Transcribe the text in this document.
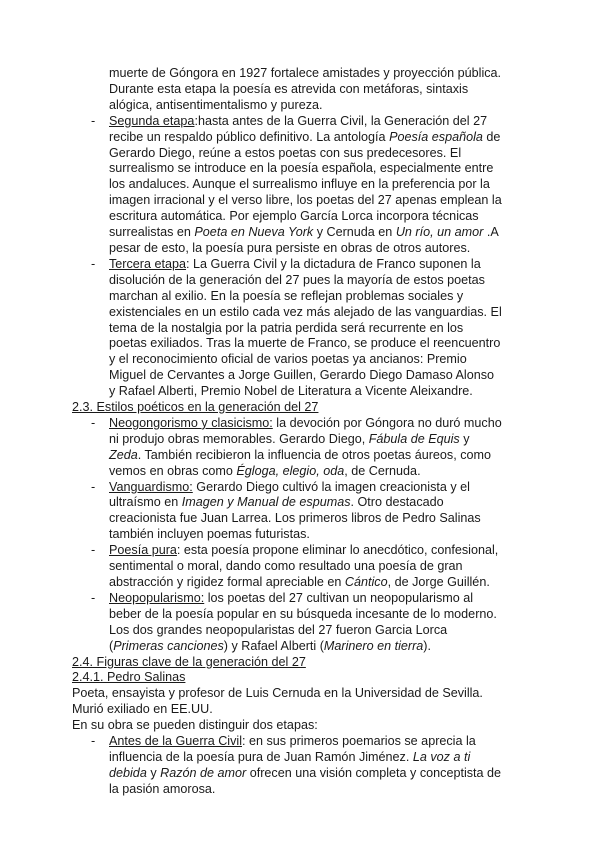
muerte de Góngora en 1927 fortalece amistades y proyección pública. Durante esta etapa la poesía es atrevida con metáforas, sintaxis alógica, antisentimentalismo y pureza.
- Segunda etapa:hasta antes de la Guerra Civil, la Generación del 27 recibe un respaldo público definitivo. La antología Poesía española de Gerardo Diego, reúne a estos poetas con sus predecesores. El surrealismo se introduce en la poesía española, especialmente entre los andaluces. Aunque el surrealismo influye en la preferencia por la imagen irracional y el verso libre, los poetas del 27 apenas emplean la escritura automática. Por ejemplo García Lorca incorpora técnicas surrealistas en Poeta en Nueva York y Cernuda en Un río, un amor .A pesar de esto, la poesía pura persiste en obras de otros autores.
- Tercera etapa: La Guerra Civil y la dictadura de Franco suponen la disolución de la generación del 27 pues la mayoría de estos poetas marchan al exilio. En la poesía se reflejan problemas sociales y existenciales en un estilo cada vez más alejado de las vanguardias. El tema de la nostalgia por la patria perdida será recurrente en los poetas exiliados. Tras la muerte de Franco, se produce el reencuentro y el reconocimiento oficial de varios poetas ya ancianos: Premio Miguel de Cervantes a Jorge Guillen, Gerardo Diego Damaso Alonso y Rafael Alberti, Premio Nobel de Literatura a Vicente Aleixandre.
2.3. Estilos poéticos en la generación del 27
- Neogongorismo y clasicismo: la devoción por Góngora no duró mucho ni produjo obras memorables. Gerardo Diego, Fábula de Equis y Zeda. También recibieron la influencia de otros poetas áureos, como vemos en obras como Égloga, elegio, oda, de Cernuda.
- Vanguardismo: Gerardo Diego cultivó la imagen creacionista y el ultraísmo en Imagen y Manual de espumas. Otro destacado creacionista fue Juan Larrea. Los primeros libros de Pedro Salinas también incluyen poemas futuristas.
- Poesía pura: esta poesía propone eliminar lo anecdótico, confesional, sentimental o moral, dando como resultado una poesía de gran abstracción y rigidez formal apreciable en Cántico, de Jorge Guillén.
- Neopopularismo: los poetas del 27 cultivan un neopopularismo al beber de la poesía popular en su búsqueda incesante de lo moderno. Los dos grandes neopopularistas del 27 fueron Garcia Lorca (Primeras canciones) y Rafael Alberti (Marinero en tierra).
2.4. Figuras clave de la generación del 27
2.4.1. Pedro Salinas

Poeta, ensayista y profesor de Luis Cernuda en la Universidad de Sevilla. Murió exiliado en EE.UU.

En su obra se pueden distinguir dos etapas:

- Antes de la Guerra Civil: en sus primeros poemarios se aprecia la influencia de la poesía pura de Juan Ramón Jiménez. La voz a ti debida y Razón de amor ofrecen una visión completa y conceptista de la pasión amorosa.
